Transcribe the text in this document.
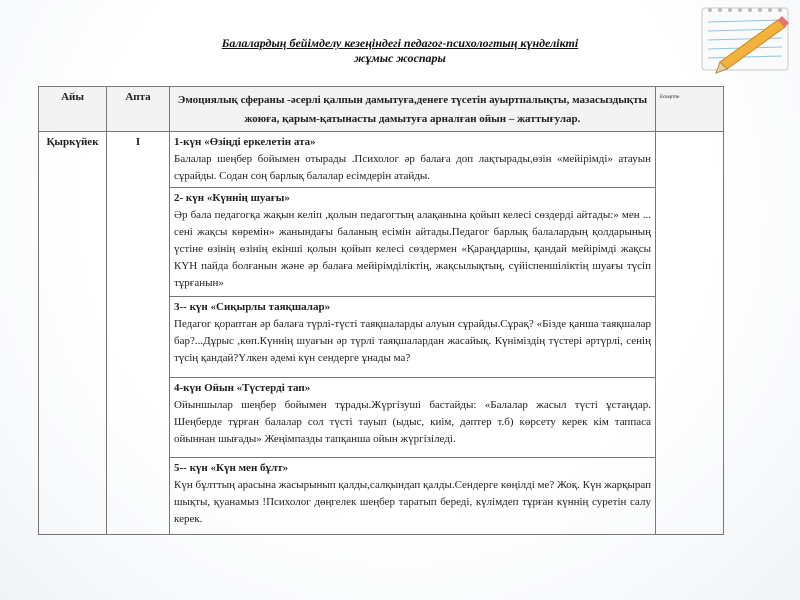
Балалардың бейімделу кезеңіндегі педагог-психологтың күнделікті
жұмыс жоспары
Айы	Апта	Эмоциялық сфераны -әсерлі қалпын дамытуға,денеге түсетін ауыртпалықты, мазасыздықты жоюға, қарым-қатынасты дамытуға арналған ойын – жаттығулар.	Ескертпе
Қыркүйек	I	1-күн «Өзіңді еркелетін ата»
Балалар шеңбер бойымен отырады .Психолог әр балаға доп лақтырады,өзін «мейірімді» атауын сұрайды. Содан соң барлық балалар есімдерін атайды.	

		2- күн «Күннің шуағы»
Әр бала педагогқа жақын келіп ,қолын педагогтың алақанына қойып келесі сөздерді айтады:» мен ... сені жақсы көремін» жанындағы баланың есімін айтады.Педагог барлық балалардың қолдарының үстіне өзінің өзінің екінші қолын қойып келесі сөздермен «Қараңдаршы, қандай мейірімді жақсы КҮН пайда болғанын және әр балаға мейірімділіктің, жақсылықтың, сүйіспеншіліктің шуағы түсіп тұрғанын»	

		3-- күн «Сиқырлы таяқшалар»
Педагог қораптан әр балаға түрлі-түсті таяқшаларды алуын сұрайды.Сұрақ? «Бізде қанша таяқшалар бар?...Дұрыс ,көп.Күннің шуағын әр түрлі таяқшалардан жасайық. Күніміздің түстері әртүрлі, сенің түсің қандай?Үлкен әдемі күн сендерге ұнады ма?	

		4-күн Ойын «Түстерді тап»
Ойыншылар шеңбер бойымен тұрады.Жүргізуші бастайды: «Балалар жасыл түсті ұстаңдар. Шеңберде тұрған балалар сол түсті тауып (ыдыс, киім, дәптер т.б) көрсету керек кім таппаса ойыннан шығады» Жеңімпазды тапқанша ойын жүргізіледі.	

		5-- күн «Күн мен бұлт»
Күн бұлттың арасына жасырынып қалды,салқындап қалды.Сендерге көңілді ме? Жоқ. Күн жарқырап шықты, қуанамыз !Психолог дөңгелек шеңбер таратып береді, күлімдеп тұрған күннің суретін салу керек.	
